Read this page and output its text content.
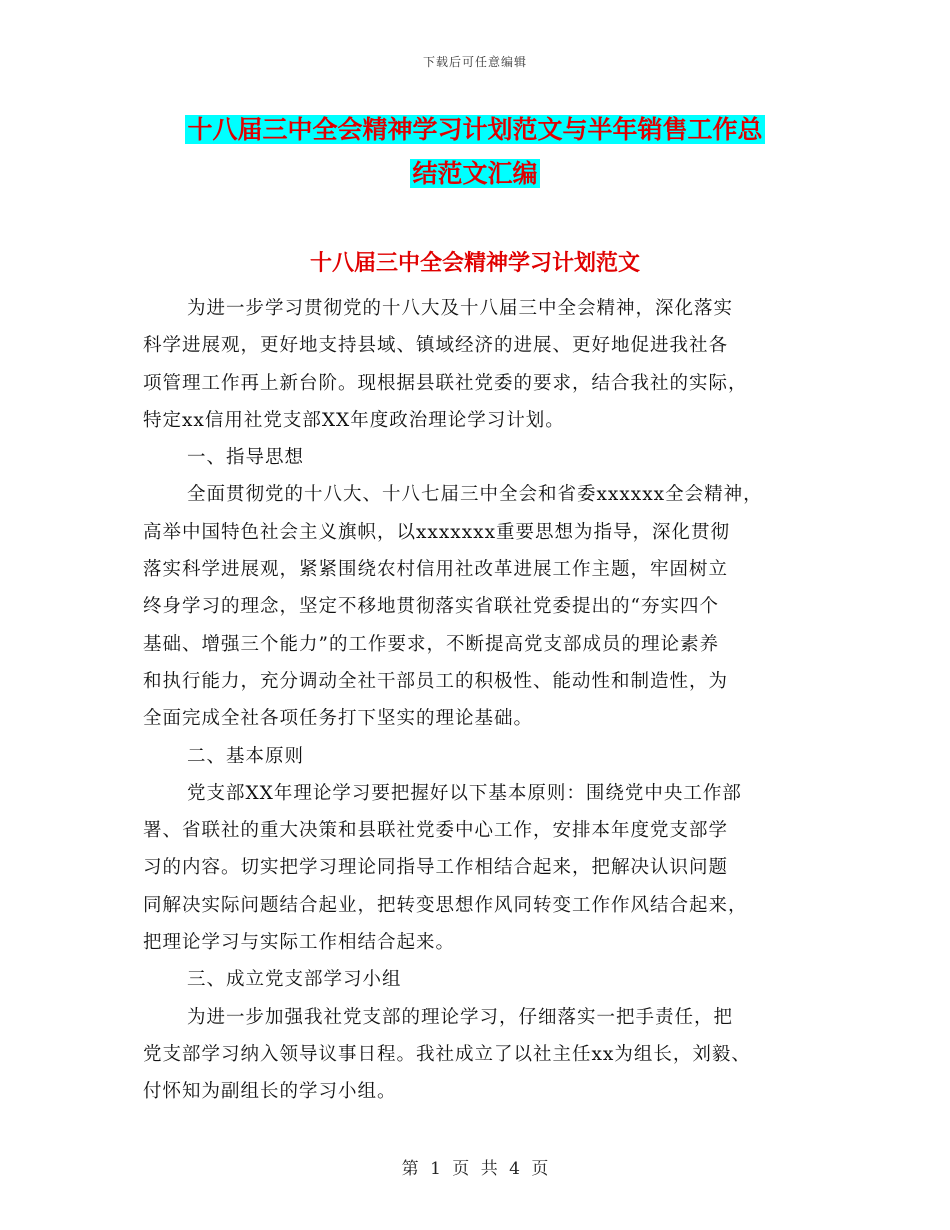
下载后可任意编辑
十八届三中全会精神学习计划范文与半年销售工作总
结范文汇编
十八届三中全会精神学习计划范文
为进一步学习贯彻党的十八大及十八届三中全会精神，深化落实
科学进展观，更好地支持县域、镇域经济的进展、更好地促进我社各
项管理工作再上新台阶。现根据县联社党委的要求，结合我社的实际，
特定xx信用社党支部XX年度政治理论学习计划。
一、指导思想
全面贯彻党的十八大、十八七届三中全会和省委xxxxxx全会精神，
高举中国特色社会主义旗帜，以xxxxxxx重要思想为指导，深化贯彻
落实科学进展观，紧紧围绕农村信用社改革进展工作主题，牢固树立
终身学习的理念，坚定不移地贯彻落实省联社党委提出的“夯实四个
基础、增强三个能力”的工作要求，不断提高党支部成员的理论素养
和执行能力，充分调动全社干部员工的积极性、能动性和制造性，为
全面完成全社各项任务打下坚实的理论基础。
二、基本原则
党支部XX年理论学习要把握好以下基本原则：围绕党中央工作部
署、省联社的重大决策和县联社党委中心工作，安排本年度党支部学
习的内容。切实把学习理论同指导工作相结合起来，把解决认识问题
同解决实际问题结合起业，把转变思想作风同转变工作作风结合起来，
把理论学习与实际工作相结合起来。
三、成立党支部学习小组
为进一步加强我社党支部的理论学习，仔细落实一把手责任，把
党支部学习纳入领导议事日程。我社成立了以社主任xx为组长，刘毅、
付怀知为副组长的学习小组。
第 1 页 共 4 页
